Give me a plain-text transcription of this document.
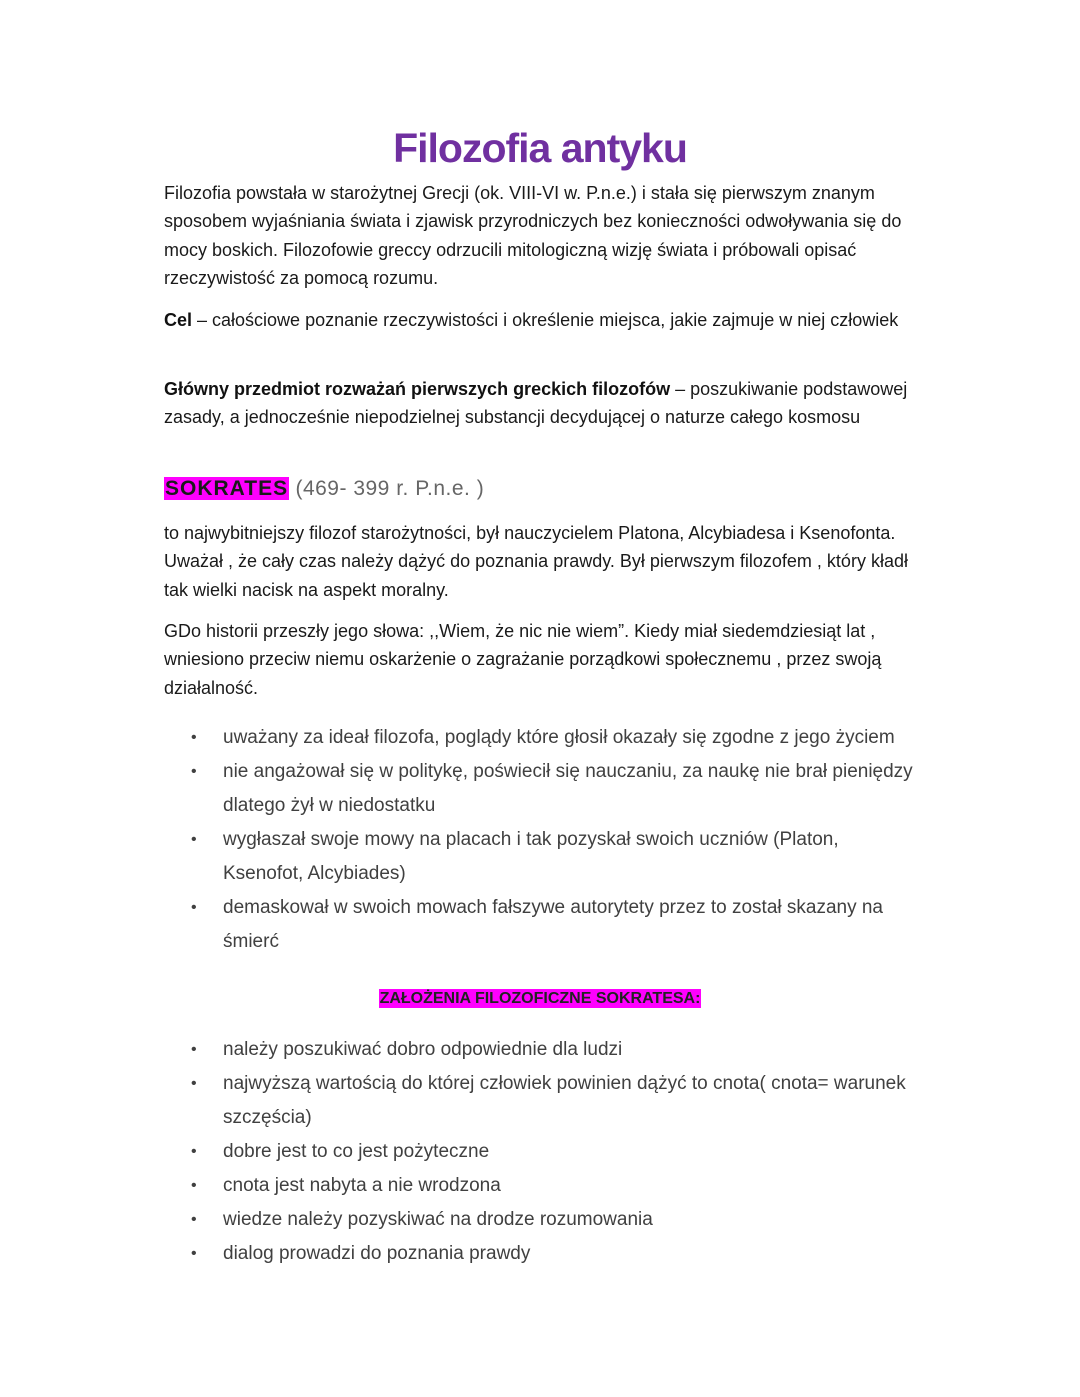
Filozofia antyku

Filozofia powstała w starożytnej Grecji (ok. VIII-VI w. P.n.e.) i stała się pierwszym znanym sposobem wyjaśniania świata i zjawisk przyrodniczych bez konieczności odwoływania się do mocy boskich. Filozofowie greccy odrzucili mitologiczną wizję świata i próbowali opisać rzeczywistość za pomocą rozumu.

Cel – całościowe poznanie rzeczywistości i określenie miejsca, jakie zajmuje w niej człowiek

Główny przedmiot rozważań pierwszych greckich filozofów – poszukiwanie podstawowej zasady, a jednocześnie niepodzielnej substancji decydującej o naturze całego kosmosu

SOKRATES (469- 399 r. P.n.e. )

to najwybitniejszy filozof starożytności, był nauczycielem Platona, Alcybiadesa i Ksenofonta. Uważał , że cały czas należy dążyć do poznania prawdy. Był pierwszym filozofem , który kładł tak wielki nacisk na aspekt moralny.

GDo historii przeszły jego słowa: ,,Wiem, że nic nie wiem”. Kiedy miał siedemdziesiąt lat , wniesiono przeciw niemu oskarżenie o zagrażanie porządkowi społecznemu , przez swoją działalność.

• uważany za ideał filozofa, poglądy które głosił okazały się zgodne z jego życiem
• nie angażował się w politykę, poświecił się nauczaniu, za naukę nie brał pieniędzy dlatego żył w niedostatku
• wygłaszał swoje mowy na placach i tak pozyskał swoich uczniów (Platon, Ksenofot, Alcybiades)
• demaskował w swoich mowach fałszywe autorytety przez to został skazany na śmierć

ZAŁOŻENIA FILOZOFICZNE SOKRATESA:

• należy poszukiwać dobro odpowiednie dla ludzi
• najwyższą wartością do której człowiek powinien dążyć to cnota( cnota= warunek szczęścia)
• dobre jest to co jest pożyteczne
• cnota jest nabyta a nie wrodzona
• wiedze należy pozyskiwać na drodze rozumowania
• dialog prowadzi do poznania prawdy
